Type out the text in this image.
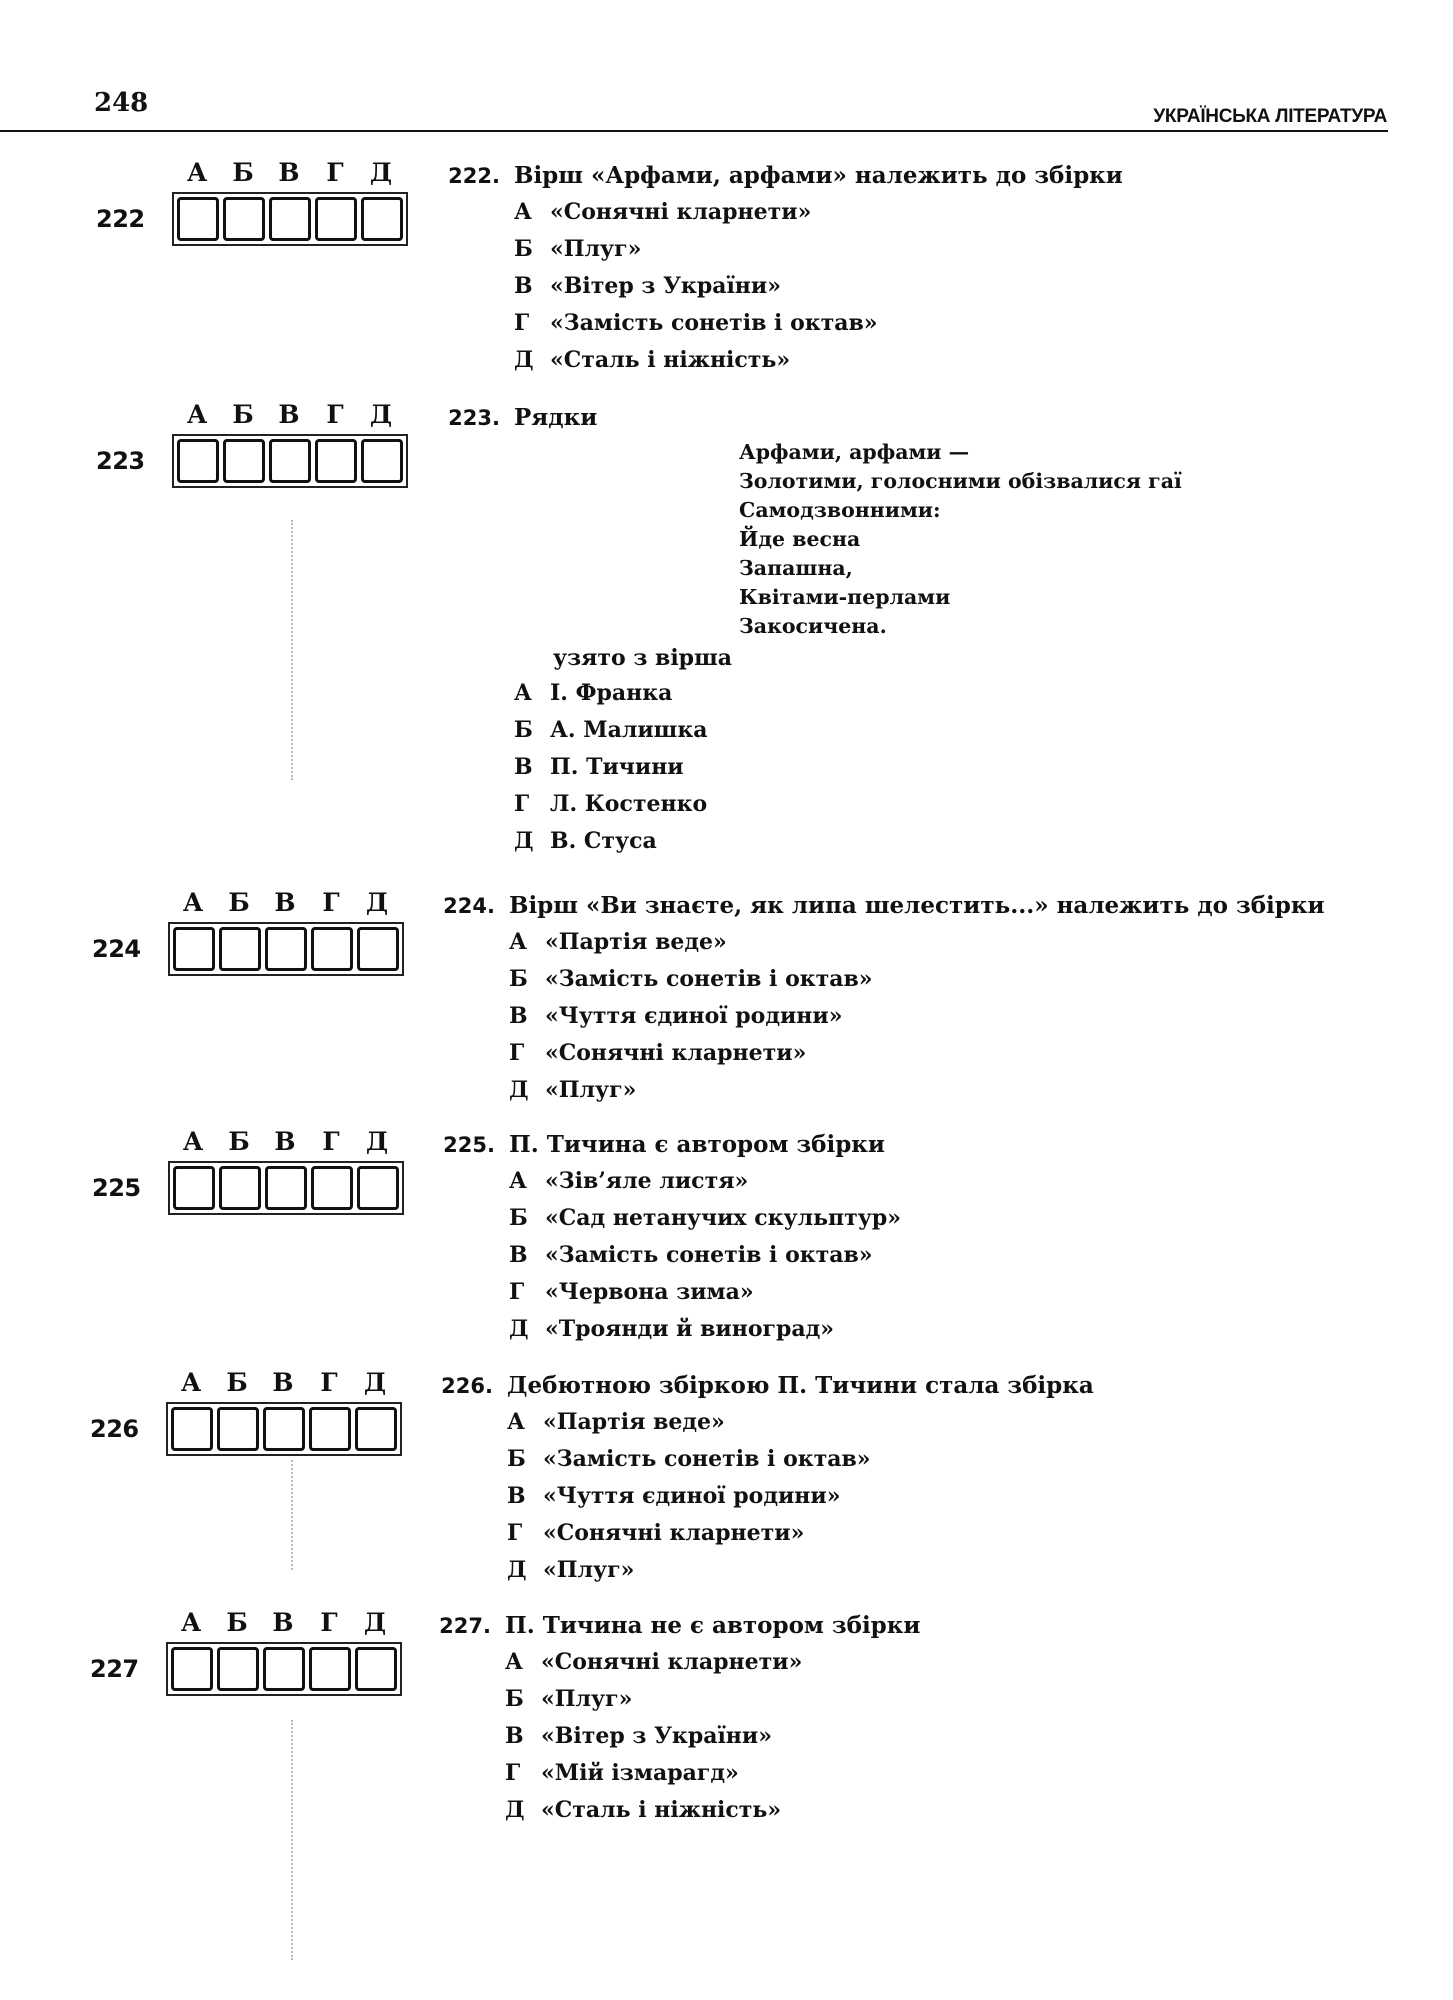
248	УКРАЇНСЬКА ЛІТЕРАТУРА
А	Б В	Г	Д
222
222. Вірш «Арфами, арфами» належить до збірки
А «Сонячні кларнети»
Б «Плуг»
В «Вітер з України»
Г «Замість сонетів і октав»
Д «Сталь і ніжність»
А	Б В	Г	Д
223
223. Рядки
Арфами, арфами —
Золотими, голосними обізвалися гаї
Самодзвонними:
Йде весна
Запашна,
Квітами-перлами
Закосичена.
узято з вірша
А І. Франка
Б А. Малишка
В П. Тичини
Г Л. Костенко
Д В. Стуса
А	Б В	Г	Д
224
224. Вірш «Ви знаєте, як липа шелестить...» належить до збірки
А «Партія веде»
Б «Замість сонетів і октав»
В «Чуття єдиної родини»
Г «Сонячні кларнети»
Д «Плуг»
А	Б В	Г	Д
225
225. П. Тичина є автором збірки
А «Зів’яле листя»
Б «Сад нетанучих скульптур»
В «Замість сонетів і октав»
Г «Червона зима»
Д «Троянди й виноград»
А	Б В	Г	Д
226
226. Дебютною збіркою П. Тичини стала збірка
А «Партія веде»
Б «Замість сонетів і октав»
В «Чуття єдиної родини»
Г «Сонячні кларнети»
Д «Плуг»
А	Б В	Г	Д
227
227. П. Тичина не є автором збірки
А «Сонячні кларнети»
Б «Плуг»
В «Вітер з України»
Г «Мій ізмарагд»
Д «Сталь і ніжність»
